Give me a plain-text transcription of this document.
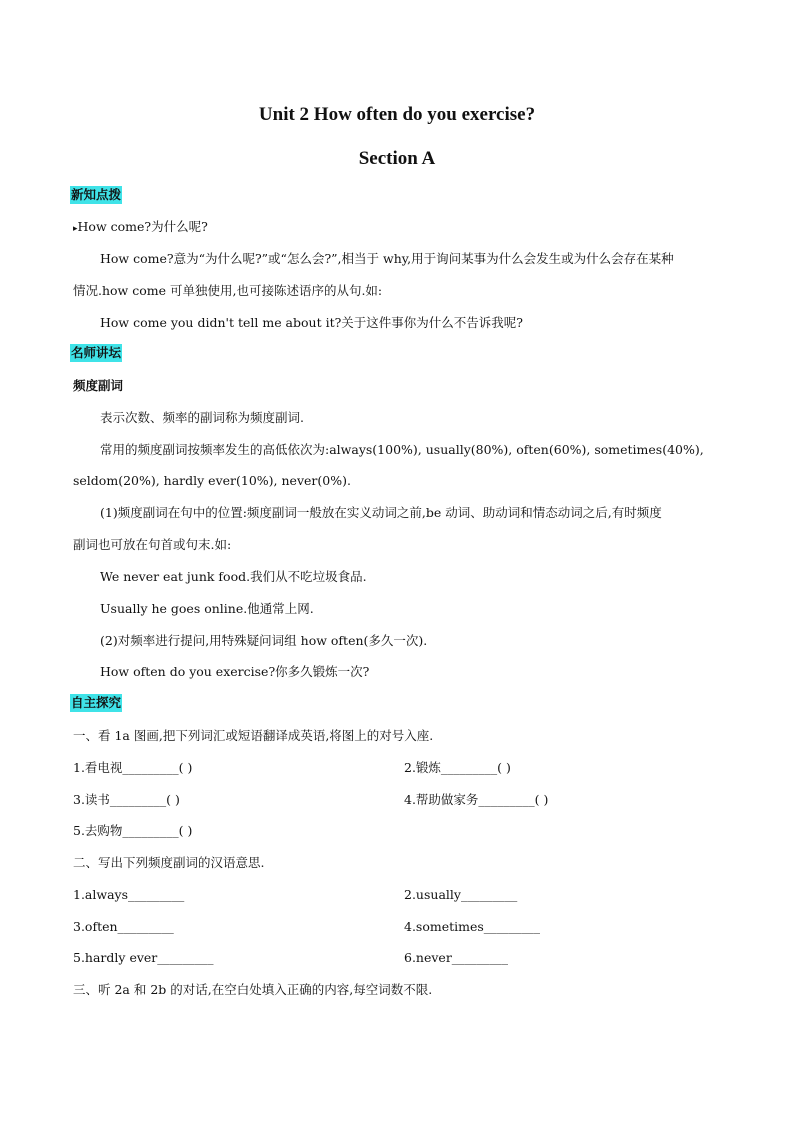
Unit 2 How often do you exercise?
Section A
新知点拨
▸How come?为什么呢?
How come?意为“为什么呢?”或“怎么会?”,相当于 why,用于询问某事为什么会发生或为什么会存在某种
情况.how come 可单独使用,也可接陈述语序的从句.如:
How come you didn't tell me about it?关于这件事你为什么不告诉我呢?
名师讲坛
频度副词
表示次数、频率的副词称为频度副词.
常用的频度副词按频率发生的高低依次为:always(100%), usually(80%), often(60%), sometimes(40%),
seldom(20%), hardly ever(10%), never(0%).
(1)频度副词在句中的位置:频度副词一般放在实义动词之前,be 动词、助动词和情态动词之后,有时频度
副词也可放在句首或句末.如:
We never eat junk food.我们从不吃垃圾食品.
Usually he goes online.他通常上网.
(2)对频率进行提问,用特殊疑问词组 how often(多久一次).
How often do you exercise?你多久锻炼一次?
自主探究
一、看 1a 图画,把下列词汇或短语翻译成英语,将图上的对号入座.
1.看电视_________( )	2.锻炼_________( )
3.读书_________( )	4.帮助做家务_________( )
5.去购物_________( )
二、写出下列频度副词的汉语意思.
1.always_________	2.usually_________
3.often_________	4.sometimes_________
5.hardly ever_________	6.never_________
三、听 2a 和 2b 的对话,在空白处填入正确的内容,每空词数不限.
